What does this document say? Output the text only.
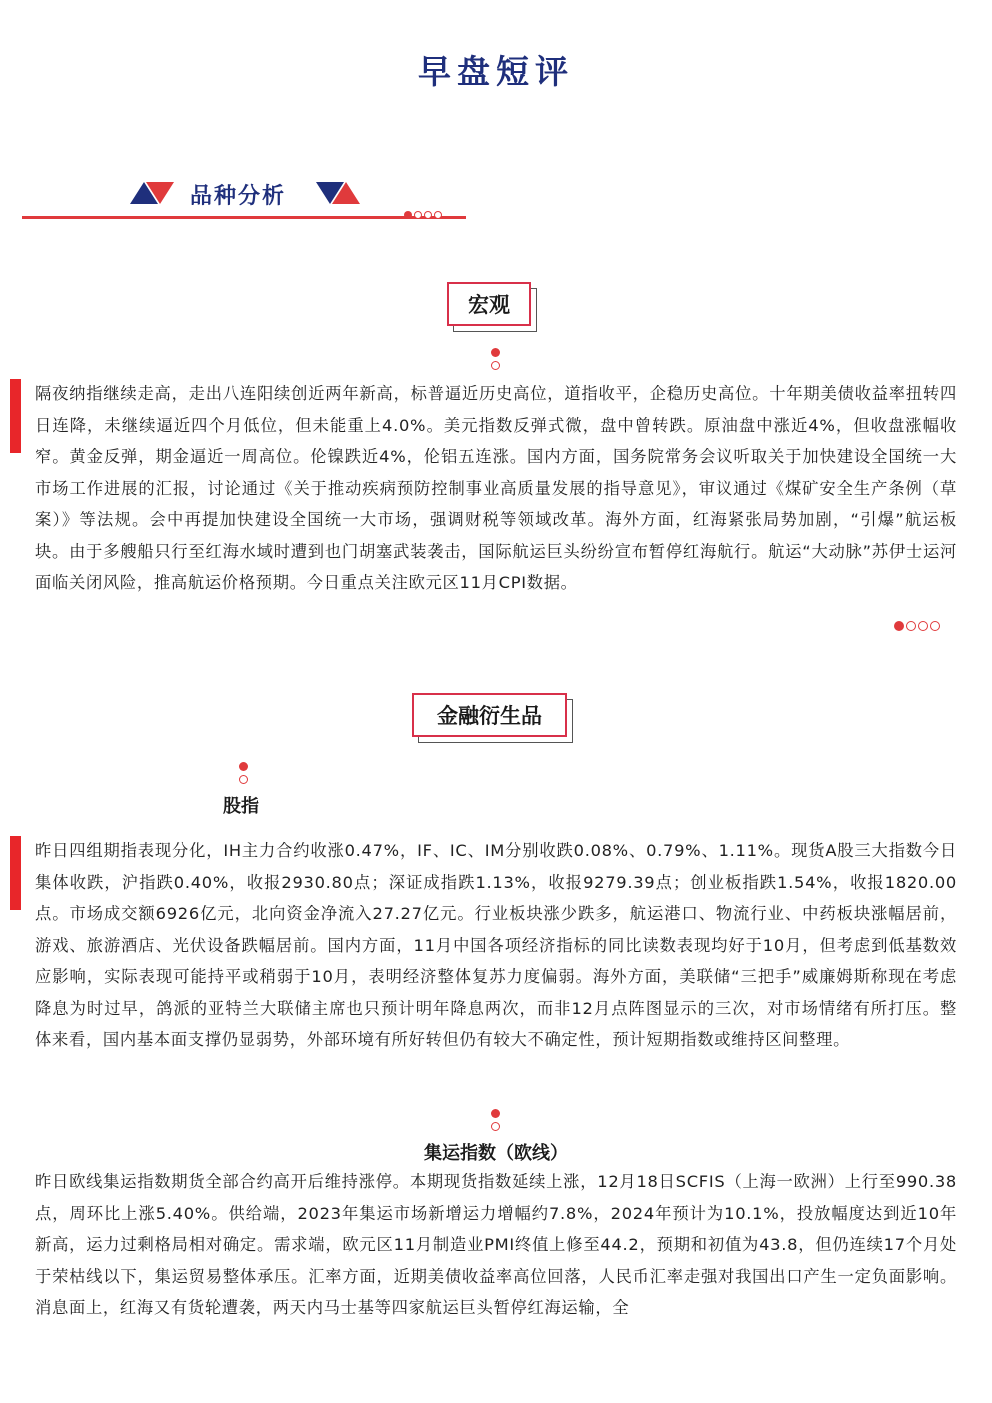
早盘短评
品种分析
宏观
隔夜纳指继续走高，走出八连阳续创近两年新高，标普逼近历史高位，道指收平，企稳历史高位。十年期美债收益率扭转四日连降，未继续逼近四个月低位，但未能重上4.0%。美元指数反弹式微，盘中曾转跌。原油盘中涨近4%，但收盘涨幅收窄。黄金反弹，期金逼近一周高位。伦镍跌近4%，伦铝五连涨。国内方面，国务院常务会议听取关于加快建设全国统一大市场工作进展的汇报，讨论通过《关于推动疾病预防控制事业高质量发展的指导意见》，审议通过《煤矿安全生产条例（草案）》等法规。会中再提加快建设全国统一大市场，强调财税等领域改革。海外方面，红海紧张局势加剧，“引爆”航运板块。由于多艘船只行至红海水域时遭到也门胡塞武装袭击，国际航运巨头纷纷宣布暂停红海航行。航运“大动脉”苏伊士运河面临关闭风险，推高航运价格预期。今日重点关注欧元区11月CPI数据。
金融衍生品
股指
昨日四组期指表现分化，IH主力合约收涨0.47%，IF、IC、IM分别收跌0.08%、0.79%、1.11%。现货A股三大指数今日集体收跌，沪指跌0.40%，收报2930.80点；深证成指跌1.13%，收报9279.39点；创业板指跌1.54%，收报1820.00点。市场成交额6926亿元，北向资金净流入27.27亿元。行业板块涨少跌多，航运港口、物流行业、中药板块涨幅居前，游戏、旅游酒店、光伏设备跌幅居前。国内方面，11月中国各项经济指标的同比读数表现均好于10月，但考虑到低基数效应影响，实际表现可能持平或稍弱于10月，表明经济整体复苏力度偏弱。海外方面，美联储“三把手”威廉姆斯称现在考虑降息为时过早，鸽派的亚特兰大联储主席也只预计明年降息两次，而非12月点阵图显示的三次，对市场情绪有所打压。整体来看，国内基本面支撑仍显弱势，外部环境有所好转但仍有较大不确定性，预计短期指数或维持区间整理。
集运指数（欧线）
昨日欧线集运指数期货全部合约高开后维持涨停。本期现货指数延续上涨，12月18日SCFIS（上海一欧洲）上行至990.38点，周环比上涨5.40%。供给端，2023年集运市场新增运力增幅约7.8%，2024年预计为10.1%，投放幅度达到近10年新高，运力过剩格局相对确定。需求端，欧元区11月制造业PMI终值上修至44.2，预期和初值为43.8，但仍连续17个月处于荣枯线以下，集运贸易整体承压。汇率方面，近期美债收益率高位回落，人民币汇率走强对我国出口产生一定负面影响。消息面上，红海又有货轮遭袭，两天内马士基等四家航运巨头暂停红海运输，全
